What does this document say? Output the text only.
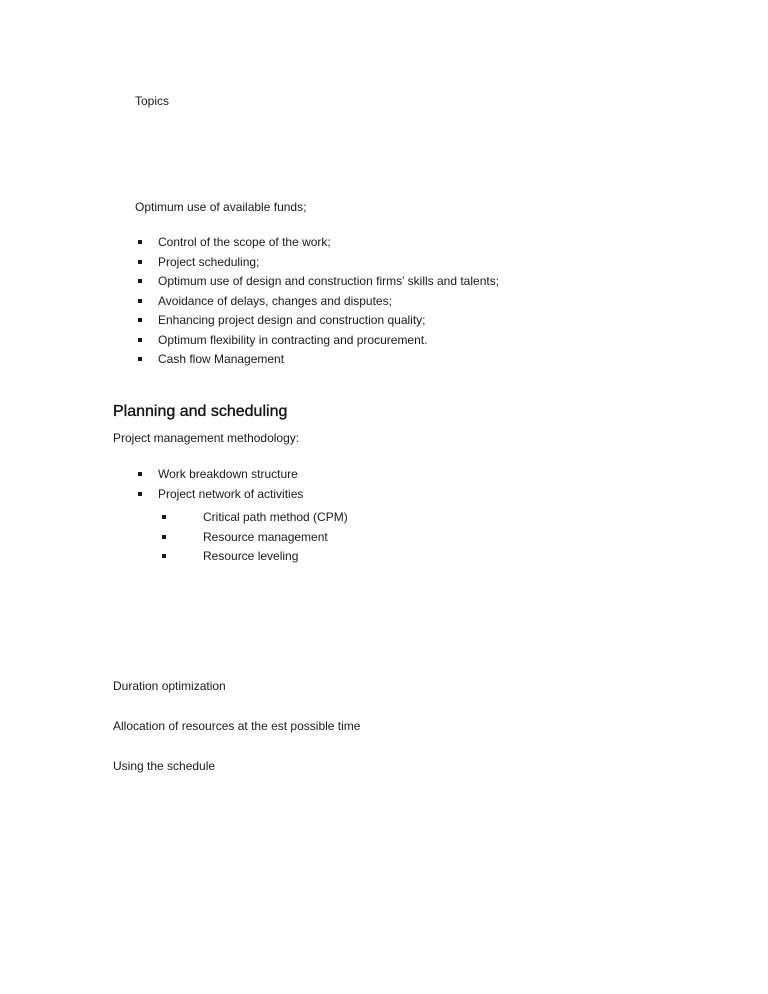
Topics
Optimum use of available funds;
Control of the scope of the work;
Project scheduling;
Optimum use of design and construction firms’ skills and talents;
Avoidance of delays, changes and disputes;
Enhancing project design and construction quality;
Optimum flexibility in contracting and procurement.
Cash flow Management
Planning and scheduling
Project management methodology:
Work breakdown structure
Project network of activities
Critical path method (CPM)
Resource management
Resource leveling
Duration optimization
Allocation of resources at the est possible time
Using the schedule
